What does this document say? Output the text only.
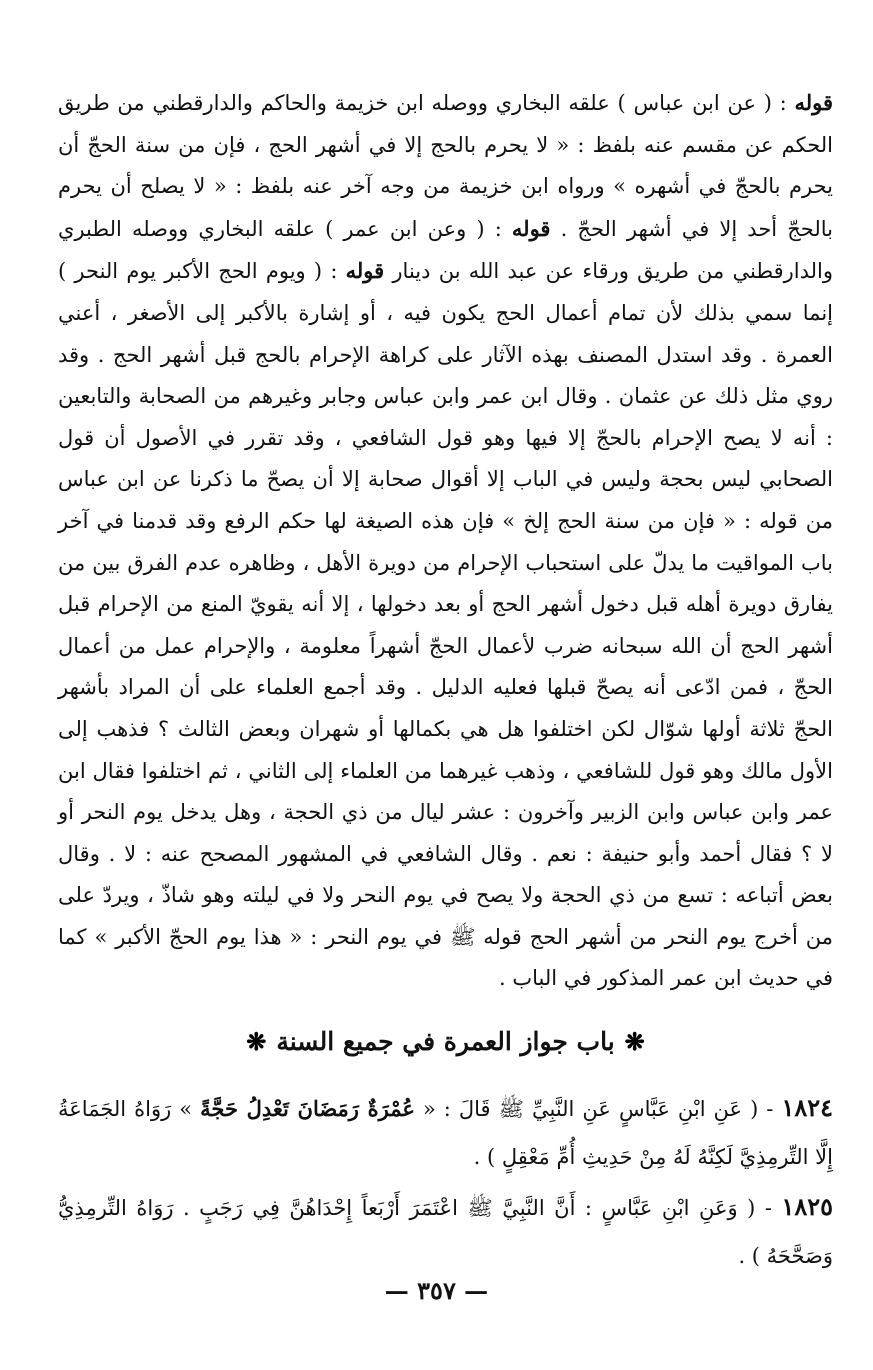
قوله : ( عن ابن عباس ) علقه البخاري ووصله ابن خزيمة والحاكم والدارقطني من طريق الحكم عن مقسم عنه بلفظ : « لا يحرم بالحج إلا في أشهر الحج ، فإن من سنة الحجّ أن يحرم بالحجّ في أشهره » ورواه ابن خزيمة من وجه آخر عنه بلفظ : « لا يصلح أن يحرم بالحجّ أحد إلا في أشهر الحجّ . قوله : ( وعن ابن عمر ) علقه البخاري ووصله الطبري والدارقطني من طريق ورقاء عن عبد الله بن دينار قوله : ( ويوم الحج الأكبر يوم النحر ) إنما سمي بذلك لأن تمام أعمال الحج يكون فيه ، أو إشارة بالأكبر إلى الأصغر ، أعني العمرة . وقد استدل المصنف بهذه الآثار على كراهة الإحرام بالحج قبل أشهر الحج . وقد روي مثل ذلك عن عثمان . وقال ابن عمر وابن عباس وجابر وغيرهم من الصحابة والتابعين : أنه لا يصح الإحرام بالحجّ إلا فيها وهو قول الشافعي ، وقد تقرر في الأصول أن قول الصحابي ليس بحجة وليس في الباب إلا أقوال صحابة إلا أن يصحّ ما ذكرنا عن ابن عباس من قوله : « فإن من سنة الحج إلخ » فإن هذه الصيغة لها حكم الرفع وقد قدمنا في آخر باب المواقيت ما يدلّ على استحباب الإحرام من دويرة الأهل ، وظاهره عدم الفرق بين من يفارق دويرة أهله قبل دخول أشهر الحج أو بعد دخولها ، إلا أنه يقويّ المنع من الإحرام قبل أشهر الحج أن الله سبحانه ضرب لأعمال الحجّ أشهراً معلومة ، والإحرام عمل من أعمال الحجّ ، فمن ادّعى أنه يصحّ قبلها فعليه الدليل . وقد أجمع العلماء على أن المراد بأشهر الحجّ ثلاثة أولها شوّال لكن اختلفوا هل هي بكمالها أو شهران وبعض الثالث ؟ فذهب إلى الأول مالك وهو قول للشافعي ، وذهب غيرهما من العلماء إلى الثاني ، ثم اختلفوا فقال ابن عمر وابن عباس وابن الزبير وآخرون : عشر ليال من ذي الحجة ، وهل يدخل يوم النحر أو لا ؟ فقال أحمد وأبو حنيفة : نعم . وقال الشافعي في المشهور المصحح عنه : لا . وقال بعض أتباعه : تسع من ذي الحجة ولا يصح في يوم النحر ولا في ليلته وهو شاذّ ، ويردّ على من أخرج يوم النحر من أشهر الحج قوله ﷺ في يوم النحر : « هذا يوم الحجّ الأكبر » كما في حديث ابن عمر المذكور في الباب .

❋باب جواز العمرة في جميع السنة❋

١٨٢٤ - ( عَنِ ابْنِ عَبَّاسٍ عَنِ النَّبِيِّ ﷺ قَالَ : « عُمْرَةٌ رَمَضَانَ تَعْدِلُ حَجَّةً » رَوَاهُ الجَمَاعَةُ إِلَّا التِّرمِذِيَّ لَكِنَّهُ لَهُ مِنْ حَدِيثِ أُمِّ مَعْقِلٍ ) .

١٨٢٥ - ( وَعَنِ ابْنِ عَبَّاسٍ : أَنَّ النَّبِيَّ ﷺ اعْتَمَرَ أَرْبَعاً إِحْدَاهُنَّ فِي رَجَبٍ . رَوَاهُ التِّرمِذِيُّ وَصَحَّحَهُ ) .

— ٣٥٧ —
